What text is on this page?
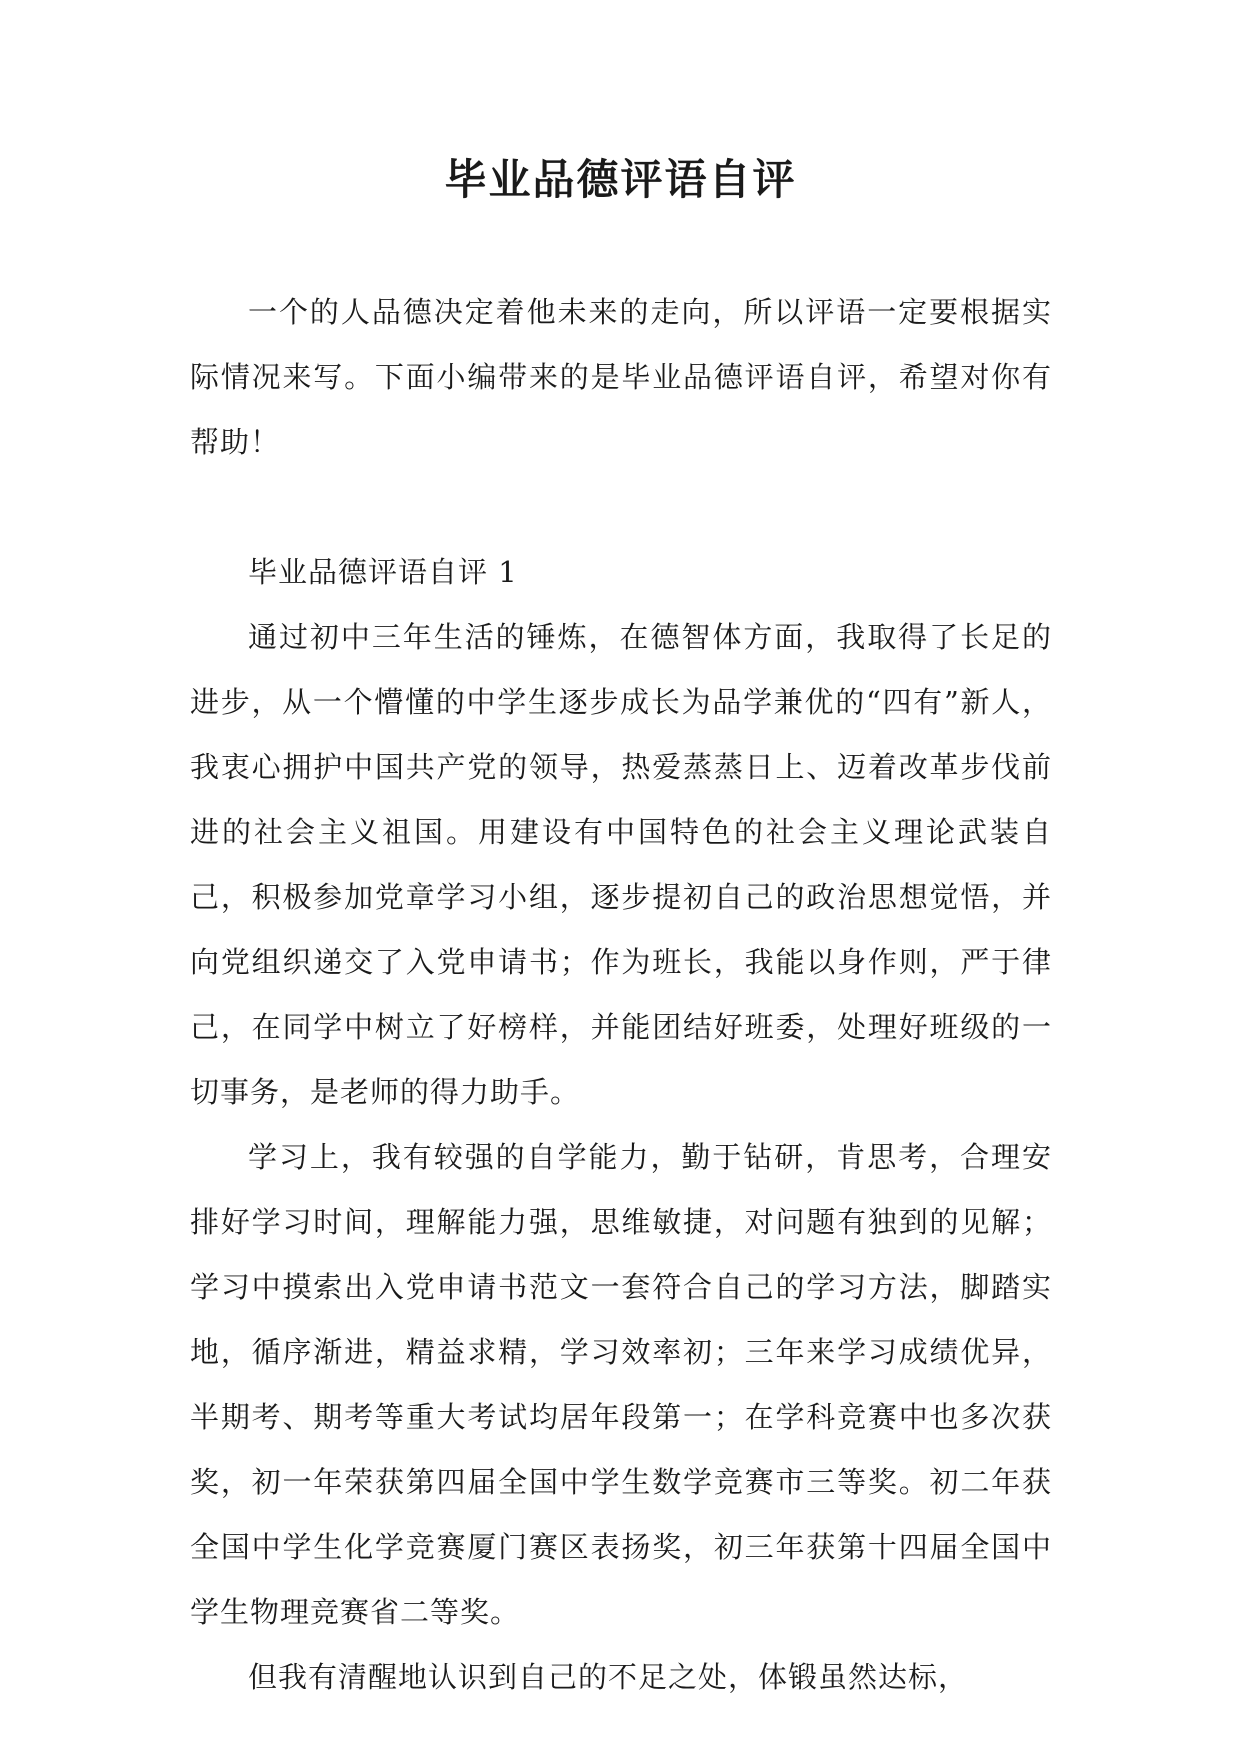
毕业品德评语自评

一个的人品德决定着他未来的走向，所以评语一定要根据实际情况来写。下面小编带来的是毕业品德评语自评，希望对你有帮助！

毕业品德评语自评 1

通过初中三年生活的锤炼，在德智体方面，我取得了长足的进步，从一个懵懂的中学生逐步成长为品学兼优的“四有”新人，我衷心拥护中国共产党的领导，热爱蒸蒸日上、迈着改革步伐前进的社会主义祖国。用建设有中国特色的社会主义理论武装自己，积极参加党章学习小组，逐步提初自己的政治思想觉悟，并向党组织递交了入党申请书；作为班长，我能以身作则，严于律己，在同学中树立了好榜样，并能团结好班委，处理好班级的一切事务，是老师的得力助手。

学习上，我有较强的自学能力，勤于钻研，肯思考，合理安排好学习时间，理解能力强，思维敏捷，对问题有独到的见解；学习中摸索出入党申请书范文一套符合自己的学习方法，脚踏实地，循序渐进，精益求精，学习效率初；三年来学习成绩优异，半期考、期考等重大考试均居年段第一；在学科竞赛中也多次获奖，初一年荣获第四届全国中学生数学竞赛市三等奖。初二年获全国中学生化学竞赛厦门赛区表扬奖，初三年获第十四届全国中学生物理竞赛省二等奖。

但我有清醒地认识到自己的不足之处，体锻虽然达标，
